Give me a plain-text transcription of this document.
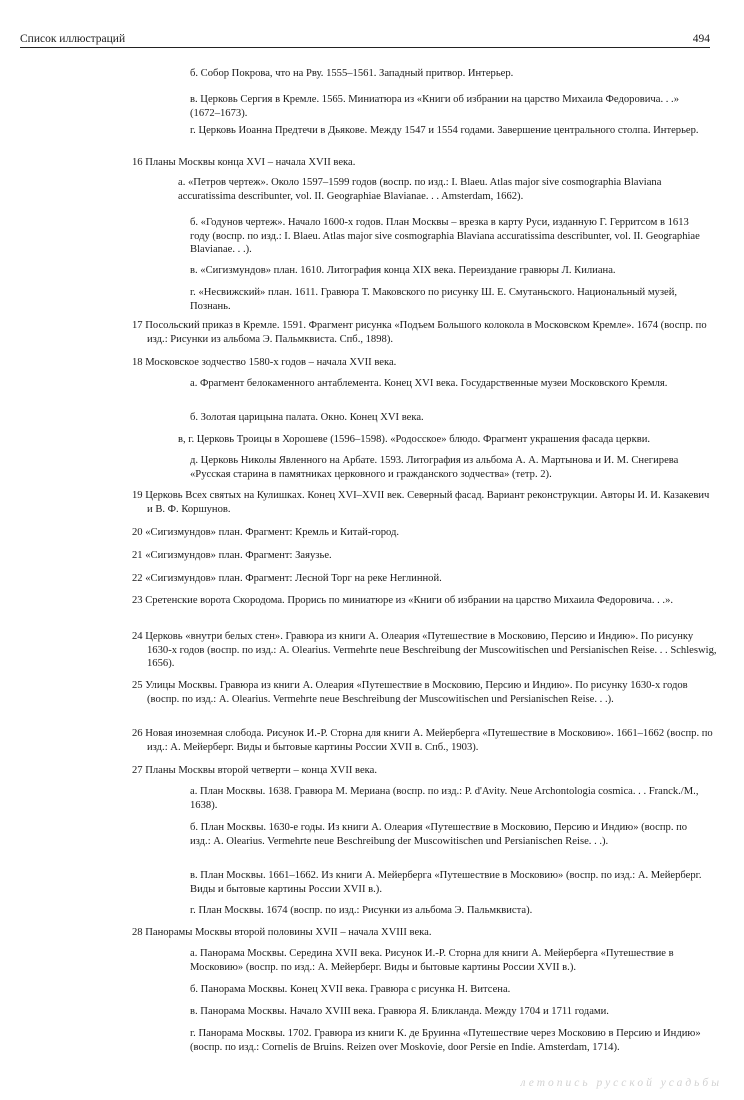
Список иллюстраций	494

б. Собор Покрова, что на Рву. 1555–1561. Западный притвор. Интерьер.

в. Церковь Сергия в Кремле. 1565. Миниатюра из «Книги об избрании на царство Михаила Федоровича. . .» (1672–1673).

г. Церковь Иоанна Предтечи в Дьякове. Между 1547 и 1554 годами. Завершение центрального столпа. Интерьер.

16 Планы Москвы конца XVI – начала XVII века.

а. «Петров чертеж». Около 1597–1599 годов (воспр. по изд.: I. Blaeu. Atlas major sive cosmographia Blaviana accuratissima describunter, vol. II. Geographiae Blavianae. . . Amsterdam, 1662).

б. «Годунов чертеж». Начало 1600-х годов. План Москвы – врезка в карту Руси, изданную Г. Герритсом в 1613 году (воспр. по изд.: I. Blaeu. Atlas major sive cosmographia Blaviana accuratissima describunter, vol. II. Geographiae Blavianae. . .).

в. «Сигизмундов» план. 1610. Литография конца XIX века. Переиздание гравюры Л. Килиана.

г. «Несвижский» план. 1611. Гравюра Т. Маковского по рисунку Ш. Е. Смутаньского. Национальный музей, Познань.

17 Посольский приказ в Кремле. 1591. Фрагмент рисунка «Подъем Большого колокола в Московском Кремле». 1674 (воспр. по изд.: Рисунки из альбома Э. Пальмквиста. Спб., 1898).

18 Московское зодчество 1580-х годов – начала XVII века.

а. Фрагмент белокаменного антаблемента. Конец XVI века. Государственные музеи Московского Кремля.

б. Золотая царицына палата. Окно. Конец XVI века.

в, г. Церковь Троицы в Хорошеве (1596–1598). «Родосское» блюдо. Фрагмент украшения фасада церкви.

д. Церковь Николы Явленного на Арбате. 1593. Литография из альбома А. А. Мартынова и И. М. Снегирева «Русская старина в памятниках церковного и гражданского зодчества» (тетр. 2).

19 Церковь Всех святых на Кулишках. Конец XVI–XVII век. Северный фасад. Вариант реконструкции. Авторы И. И. Казакевич и В. Ф. Коршунов.

20 «Сигизмундов» план. Фрагмент: Кремль и Китай-город.

21 «Сигизмундов» план. Фрагмент: Заяузье.

22 «Сигизмундов» план. Фрагмент: Лесной Торг на реке Неглинной.

23 Сретенские ворота Скородома. Прорись по миниатюре из «Книги об избрании на царство Михаила Федоровича. . .».

24 Церковь «внутри белых стен». Гравюра из книги А. Олеария «Путешествие в Московию, Персию и Индию». По рисунку 1630-х годов (воспр. по изд.: A. Olearius. Vermehrte neue Beschreibung der Muscowitischen und Persianischen Reise. . . Schleswig, 1656).

25 Улицы Москвы. Гравюра из книги А. Олеария «Путешествие в Московию, Персию и Индию». По рисунку 1630-х годов (воспр. по изд.: A. Olearius. Vermehrte neue Beschreibung der Muscowitischen und Persianischen Reise. . .).

26 Новая иноземная слобода. Рисунок И.-Р. Сторна для книги А. Мейерберга «Путешествие в Московию». 1661–1662 (воспр. по изд.: А. Мейерберг. Виды и бытовые картины России XVII в. Спб., 1903).

27 Планы Москвы второй четверти – конца XVII века.

а. План Москвы. 1638. Гравюра М. Мериана (воспр. по изд.: P. d'Avity. Neue Archontologia cosmica. . . Franck./M., 1638).

б. План Москвы. 1630-е годы. Из книги А. Олеария «Путешествие в Московию, Персию и Индию» (воспр. по изд.: A. Olearius. Vermehrte neue Beschreibung der Muscowitischen und Persianischen Reise. . .).

в. План Москвы. 1661–1662. Из книги А. Мейерберга «Путешествие в Московию» (воспр. по изд.: А. Мейерберг. Виды и бытовые картины России XVII в.).

г. План Москвы. 1674 (воспр. по изд.: Рисунки из альбома Э. Пальмквиста).

28 Панорамы Москвы второй половины XVII – начала XVIII века.

а. Панорама Москвы. Середина XVII века. Рисунок И.-Р. Сторна для книги А. Мейерберга «Путешествие в Московию» (воспр. по изд.: А. Мейерберг. Виды и бытовые картины России XVII в.).

б. Панорама Москвы. Конец XVII века. Гравюра с рисунка Н. Витсена.

в. Панорама Москвы. Начало XVIII века. Гравюра Я. Бликланда. Между 1704 и 1711 годами.

г. Панорама Москвы. 1702. Гравюра из книги К. де Бруинна «Путешествие через Московию в Персию и Индию» (воспр. по изд.: Cornelis de Bruins. Reizen over Moskovie, door Persie en Indie. Amsterdam, 1714).

летопись русской усадьбы
